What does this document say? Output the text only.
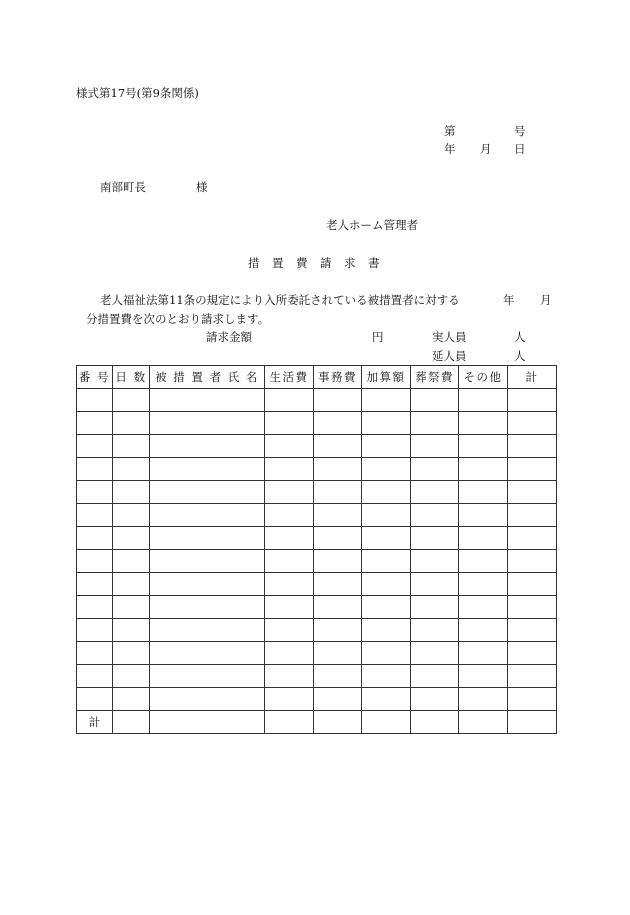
様式第17号(第9条関係)
第	号
年 月 日
南部町長	様
老人ホーム管理者
措　置　費　請　求　書
老人福祉法第11条の規定により入所委託されている被措置者に対する	年 月
分措置費を次のとおり請求します。
請求金額	円	実人員	人
延人員	人
番 号	日 数	被 措 置 者 氏 名	生活費	事務費	加算額	葬祭費	その他	計

計								
